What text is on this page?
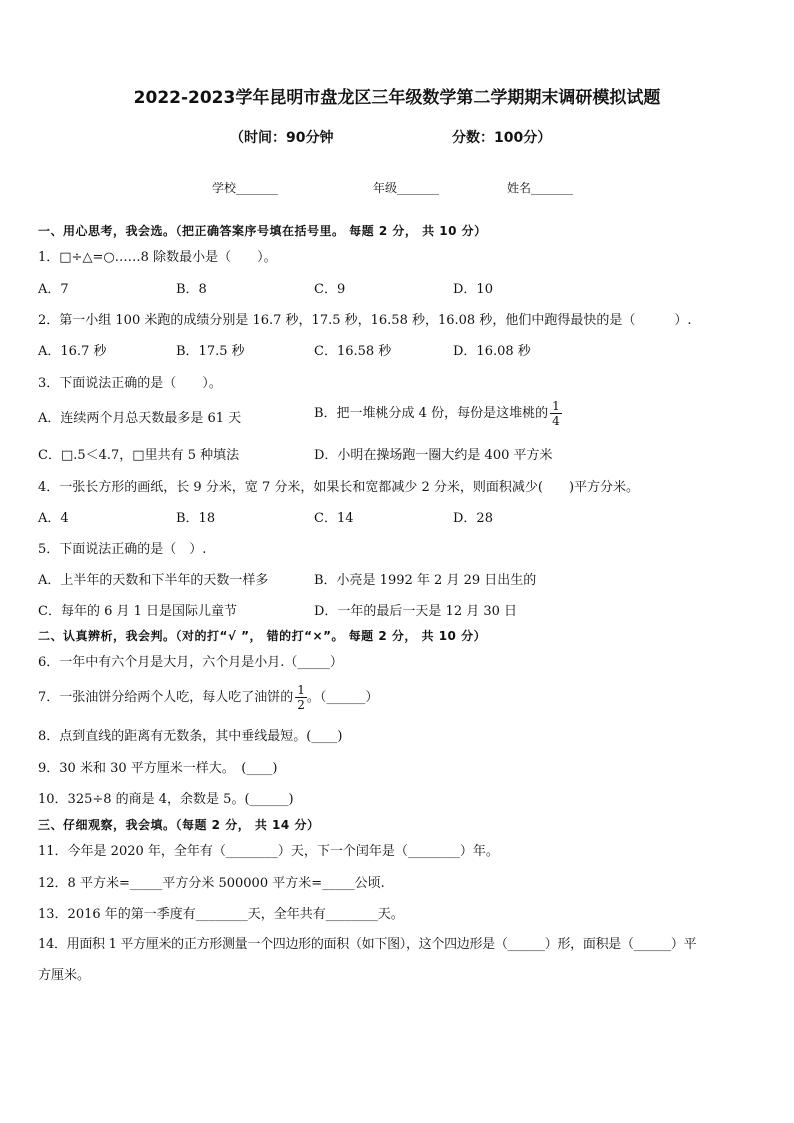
2022-2023学年昆明市盘龙区三年级数学第二学期期末调研模拟试题
（时间：90分钟	分数：100分）
学校_______	年级_______	姓名_______
一、用心思考，我会选。（把正确答案序号填在括号里。 每题 2 分， 共 10 分）
1．□÷△=○……8 除数最小是（　　）。
A．7	B．8	C．9	D．10
2．第一小组 100 米跑的成绩分别是 16.7 秒，17.5 秒，16.58 秒，16.08 秒，他们中跑得最快的是（　　　）.
A．16.7 秒	B．17.5 秒	C．16.58 秒	D．16.08 秒
3．下面说法正确的是（　　）。
A．连续两个月总天数最多是 61 天	B．把一堆桃分成 4 份，每份是这堆桃的 $\frac{1}{4}$
C．□.5＜4.7，□里共有 5 种填法	D．小明在操场跑一圈大约是 400 平方米
4．一张长方形的画纸，长 9 分米，宽 7 分米，如果长和宽都减少 2 分米，则面积减少(　　)平方分米。
A．4	B．18	C．14	D．28
5．下面说法正确的是（　）.
A．上半年的天数和下半年的天数一样多	B．小亮是 1992 年 2 月 29 日出生的
C．每年的 6 月 1 日是国际儿童节	D．一年的最后一天是 12 月 30 日
二、认真辨析，我会判。（对的打“√ ”， 错的打“×”。 每题 2 分， 共 10 分）
6．一年中有六个月是大月，六个月是小月.（_____）
7．一张油饼分给两个人吃，每人吃了油饼的 $\frac{1}{2}$ 。（______）
8．点到直线的距离有无数条，其中垂线最短。(____)
9．30 米和 30 平方厘米一样大。　(____)
10．325÷8 的商是 4，余数是 5。(______)
三、仔细观察，我会填。（每题 2 分， 共 14 分）
11．今年是 2020 年，全年有（________）天，下一个闰年是（________）年。
12．8 平方米=_____平方分米 500000 平方米=_____公顷.
13．2016 年的第一季度有________天，全年共有________天。
14．用面积 1 平方厘米的正方形测量一个四边形的面积（如下图），这个四边形是（______）形，面积是（______）平
方厘米。
